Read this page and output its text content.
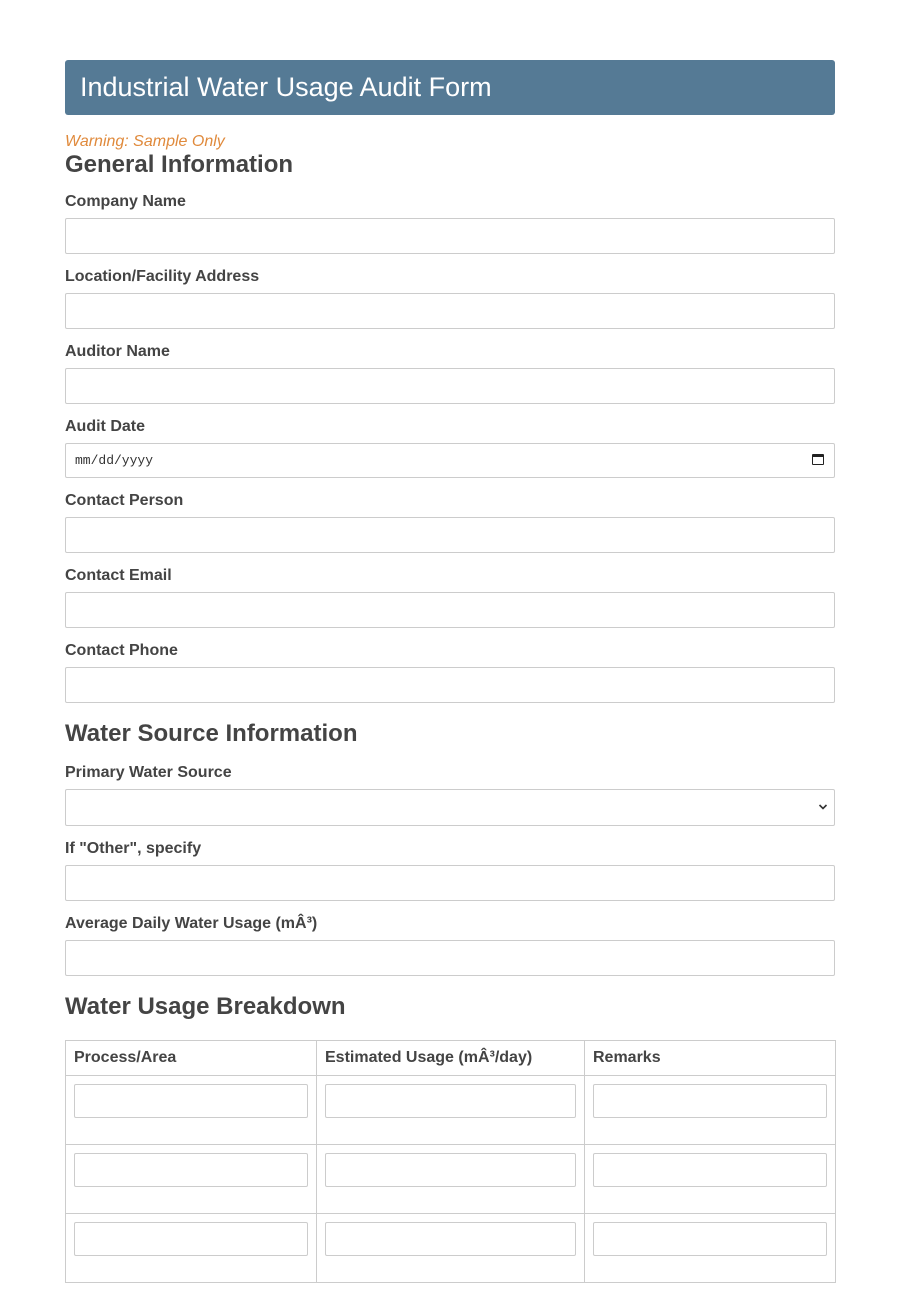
Industrial Water Usage Audit Form
Warning: Sample Only
General Information
Company Name
Location/Facility Address
Auditor Name
Audit Date
mm/dd/yyyy
Contact Person
Contact Email
Contact Phone
Water Source Information
Primary Water Source
If "Other", specify
Average Daily Water Usage (mÂ³)
Water Usage Breakdown
Process/Area	Estimated Usage (mÂ³/day)	Remarks
